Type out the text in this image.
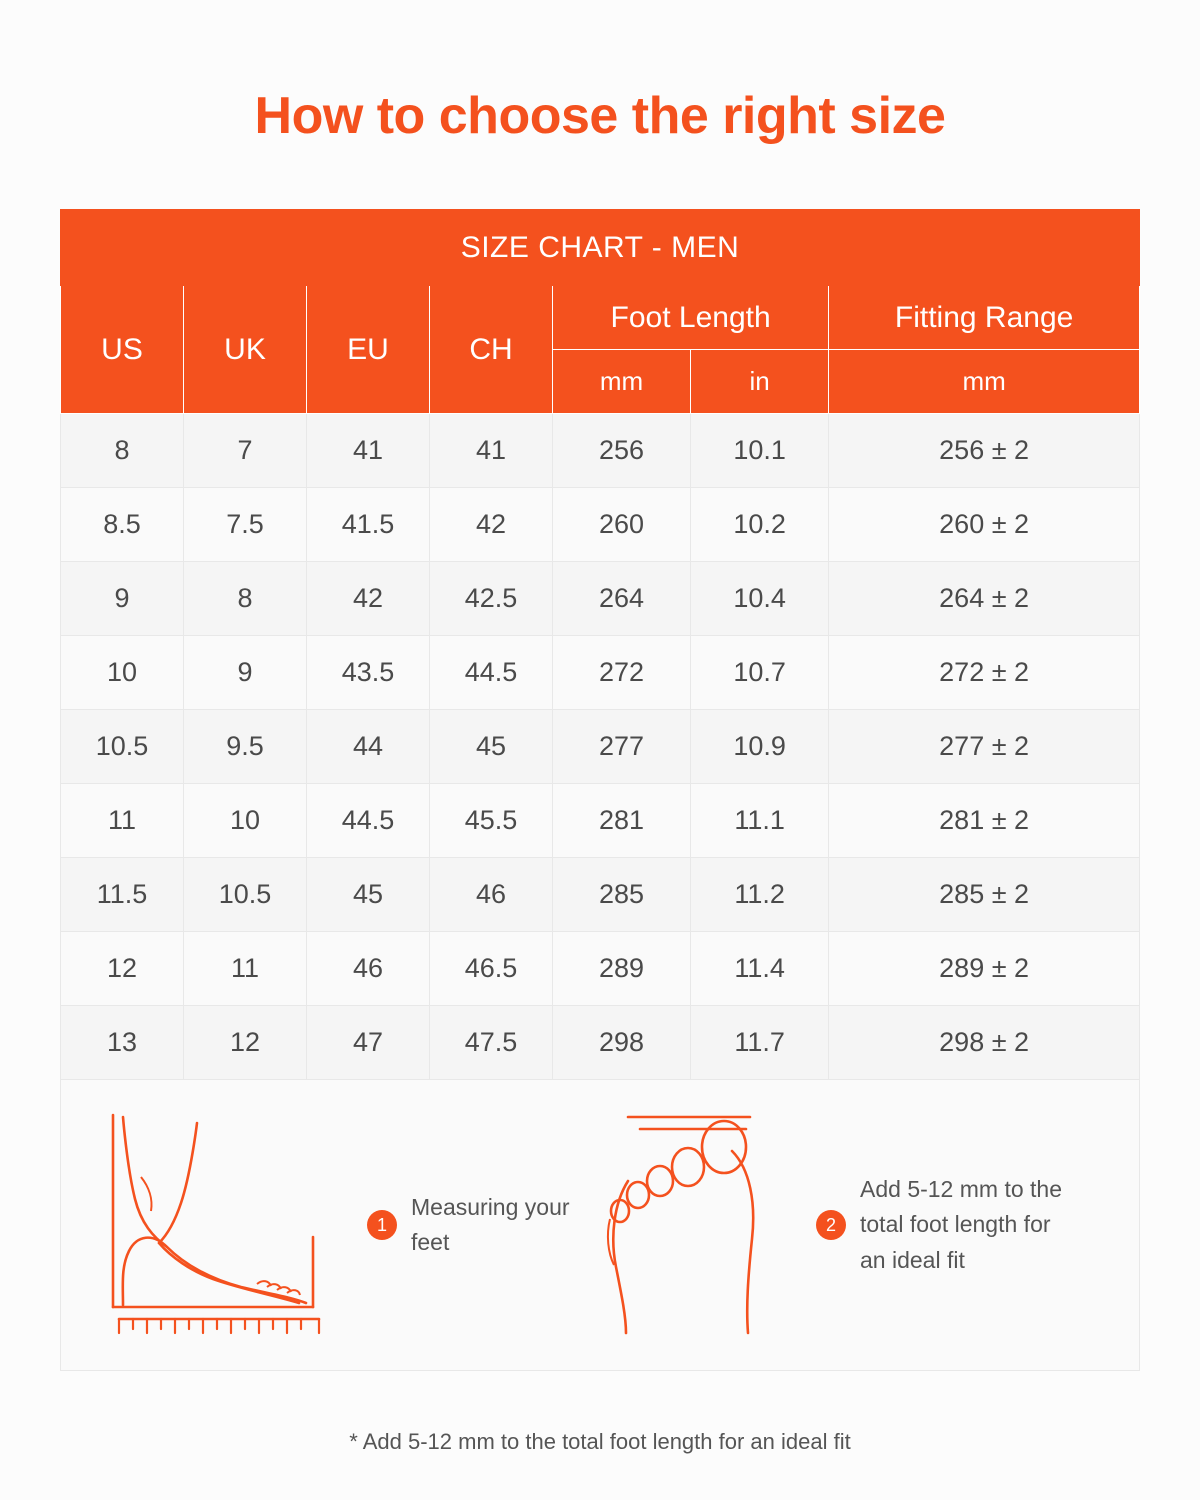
How to choose the right size
SIZE CHART - MEN						
US	UK	EU	CH	Foot Length		Fitting Range
				mm	in	mm
8	7	41	41	256	10.1	256 ± 2
8.5	7.5	41.5	42	260	10.2	260 ± 2
9	8	42	42.5	264	10.4	264 ± 2
10	9	43.5	44.5	272	10.7	272 ± 2
10.5	9.5	44	45	277	10.9	277 ± 2
11	10	44.5	45.5	281	11.1	281 ± 2
11.5	10.5	45	46	285	11.2	285 ± 2
12	11	46	46.5	289	11.4	289 ± 2
13	12	47	47.5	298	11.7	298 ± 2

1
Measuring your feet
2
Add 5-12 mm to the total foot length for an ideal fit						
* Add 5-12 mm to the total foot length for an ideal fit
